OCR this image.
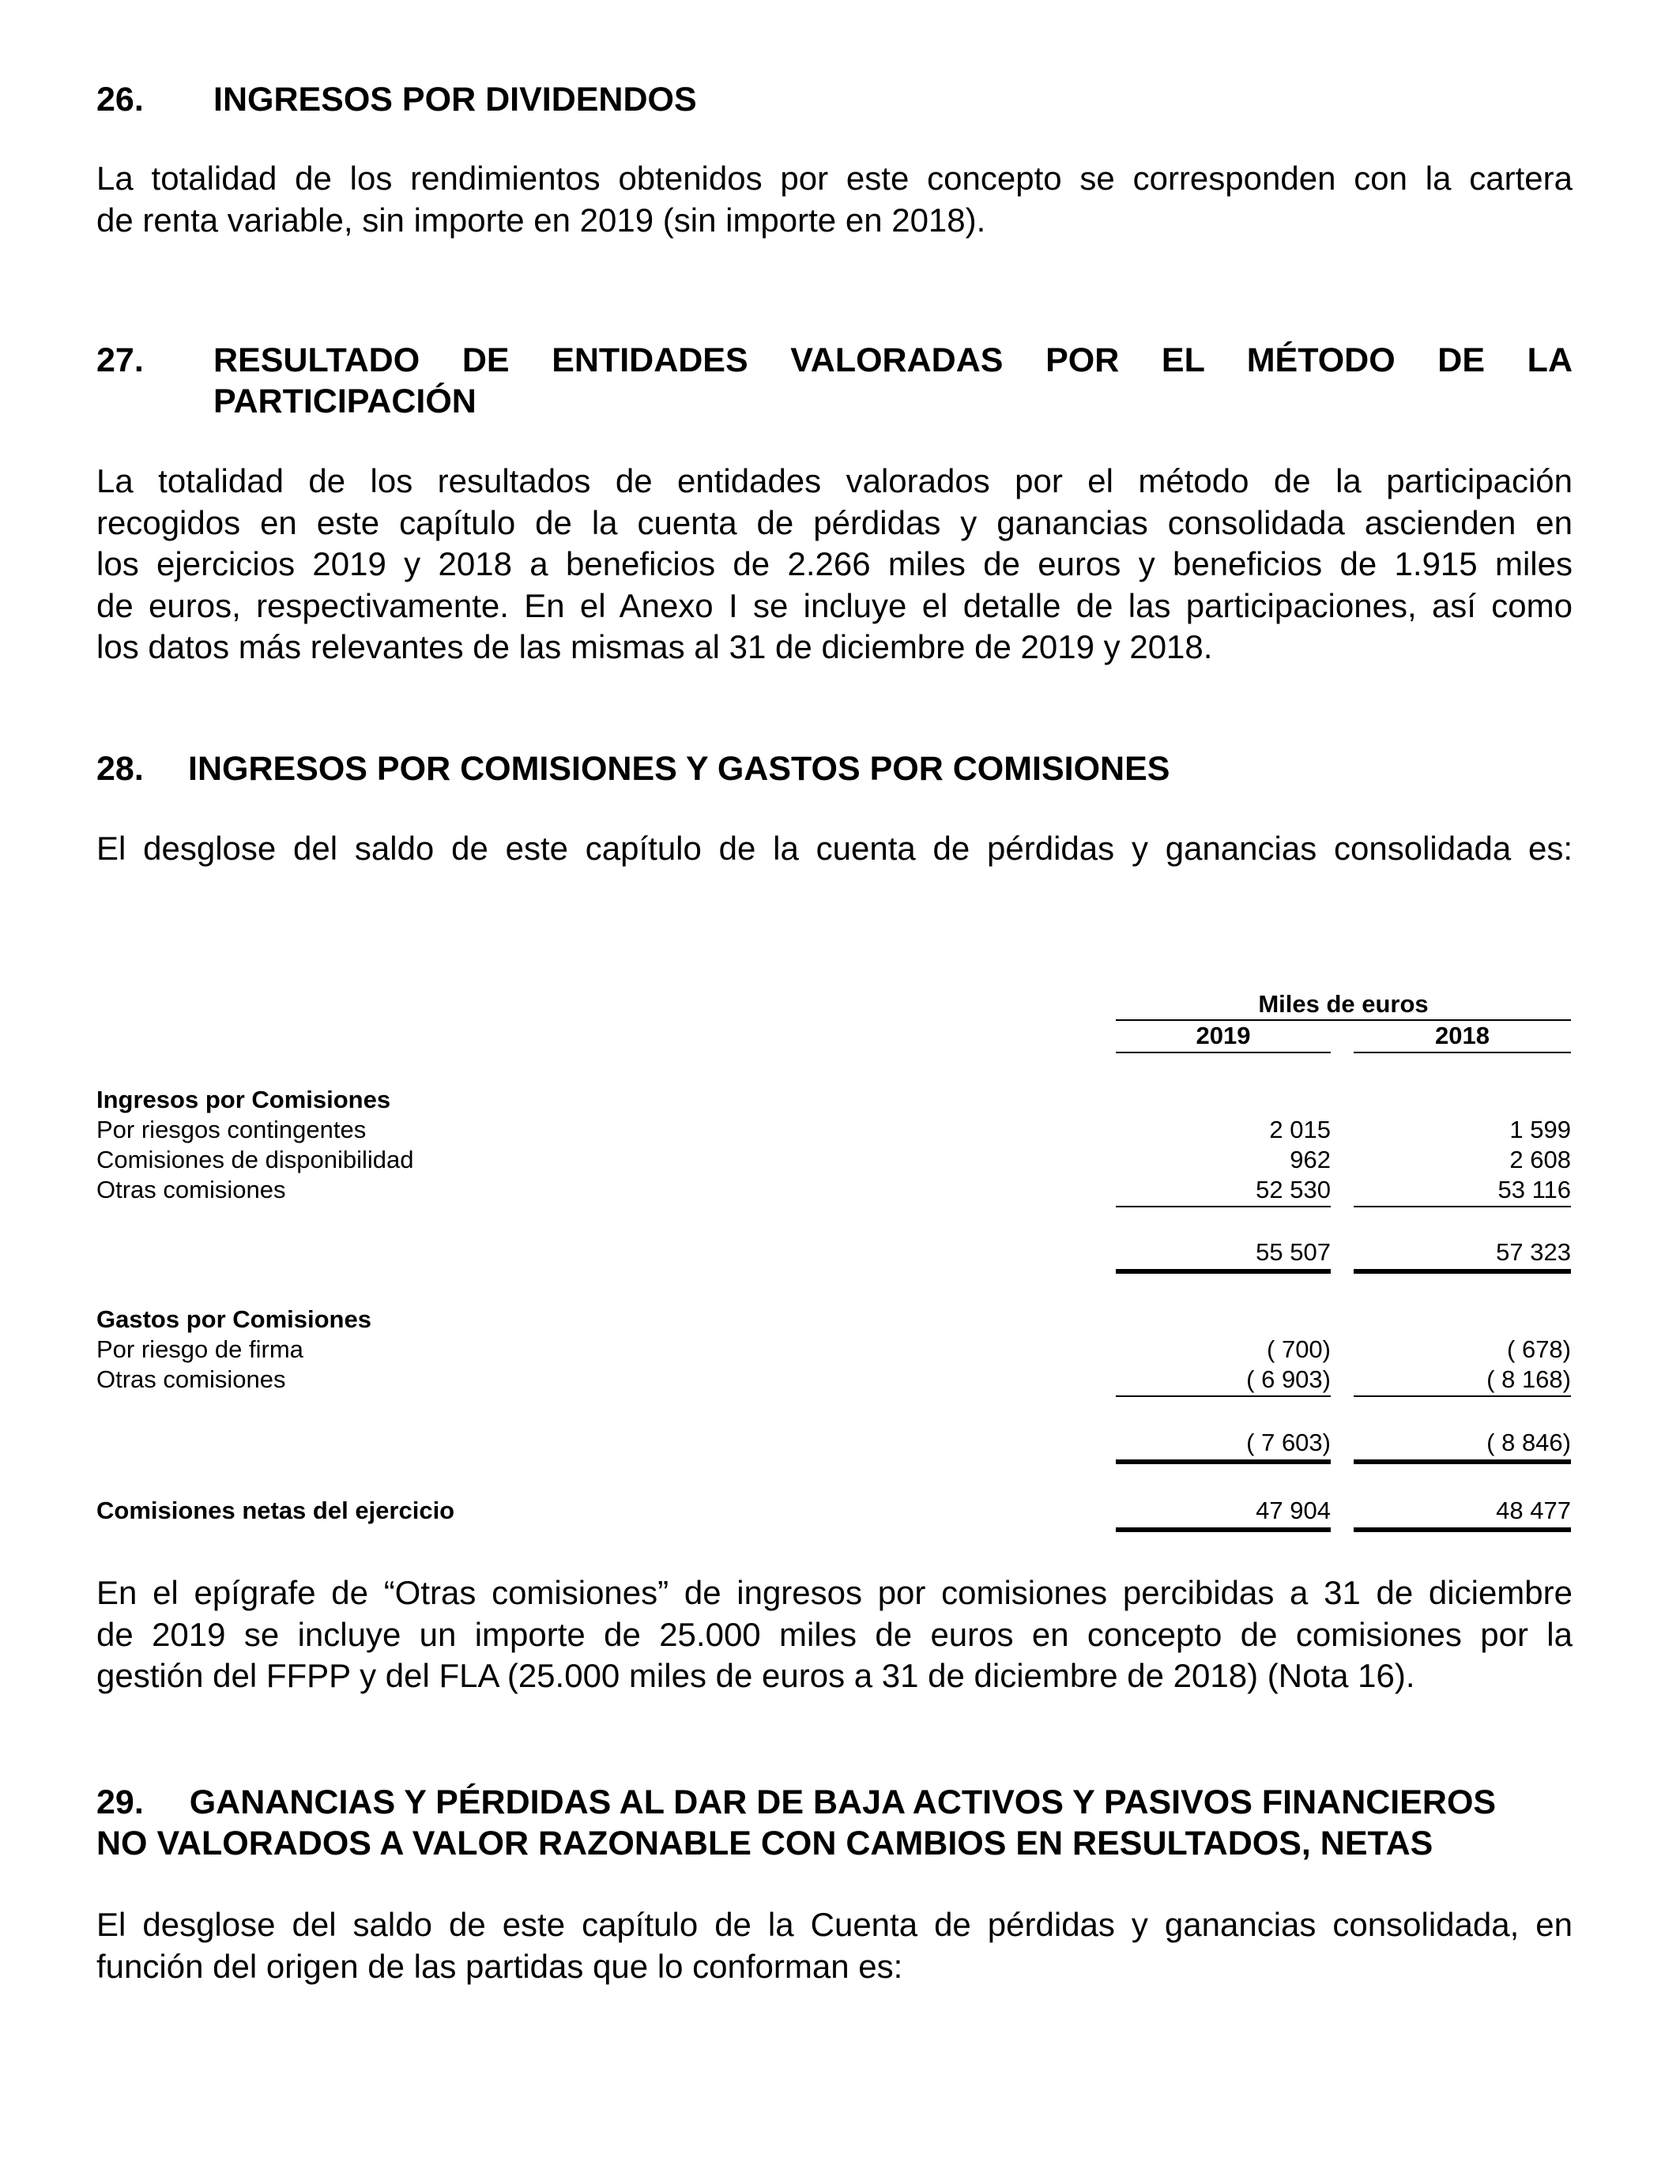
26. INGRESOS POR DIVIDENDOS
La totalidad de los rendimientos obtenidos por este concepto se corresponden con la cartera
de renta variable, sin importe en 2019 (sin importe en 2018).
27. RESULTADO DE ENTIDADES VALORADAS POR EL MÉTODO DE LA
PARTICIPACIÓN
La totalidad de los resultados de entidades valorados por el método de la participación
recogidos en este capítulo de la cuenta de pérdidas y ganancias consolidada ascienden en
los ejercicios 2019 y 2018 a beneficios de 2.266 miles de euros y beneficios de 1.915 miles
de euros, respectivamente. En el Anexo I se incluye el detalle de las participaciones, así como
los datos más relevantes de las mismas al 31 de diciembre de 2019 y 2018.
28. INGRESOS POR COMISIONES Y GASTOS POR COMISIONES
El desglose del saldo de este capítulo de la cuenta de pérdidas y ganancias consolidada es:
Miles de euros
2019	2018
Ingresos por Comisiones
Por riesgos contingentes	2 015	1 599
Comisiones de disponibilidad	962	2 608
Otras comisiones	52 530	53 116
55 507	57 323
Gastos por Comisiones
Por riesgo de firma	( 700)	( 678)
Otras comisiones	( 6 903)	( 8 168)
( 7 603)	( 8 846)
Comisiones netas del ejercicio	47 904	48 477
En el epígrafe de “Otras comisiones” de ingresos por comisiones percibidas a 31 de diciembre
de 2019 se incluye un importe de 25.000 miles de euros en concepto de comisiones por la
gestión del FFPP y del FLA (25.000 miles de euros a 31 de diciembre de 2018) (Nota 16).
29. GANANCIAS Y PÉRDIDAS AL DAR DE BAJA ACTIVOS Y PASIVOS FINANCIEROS
NO VALORADOS A VALOR RAZONABLE CON CAMBIOS EN RESULTADOS, NETAS
El desglose del saldo de este capítulo de la Cuenta de pérdidas y ganancias consolidada, en
función del origen de las partidas que lo conforman es:
